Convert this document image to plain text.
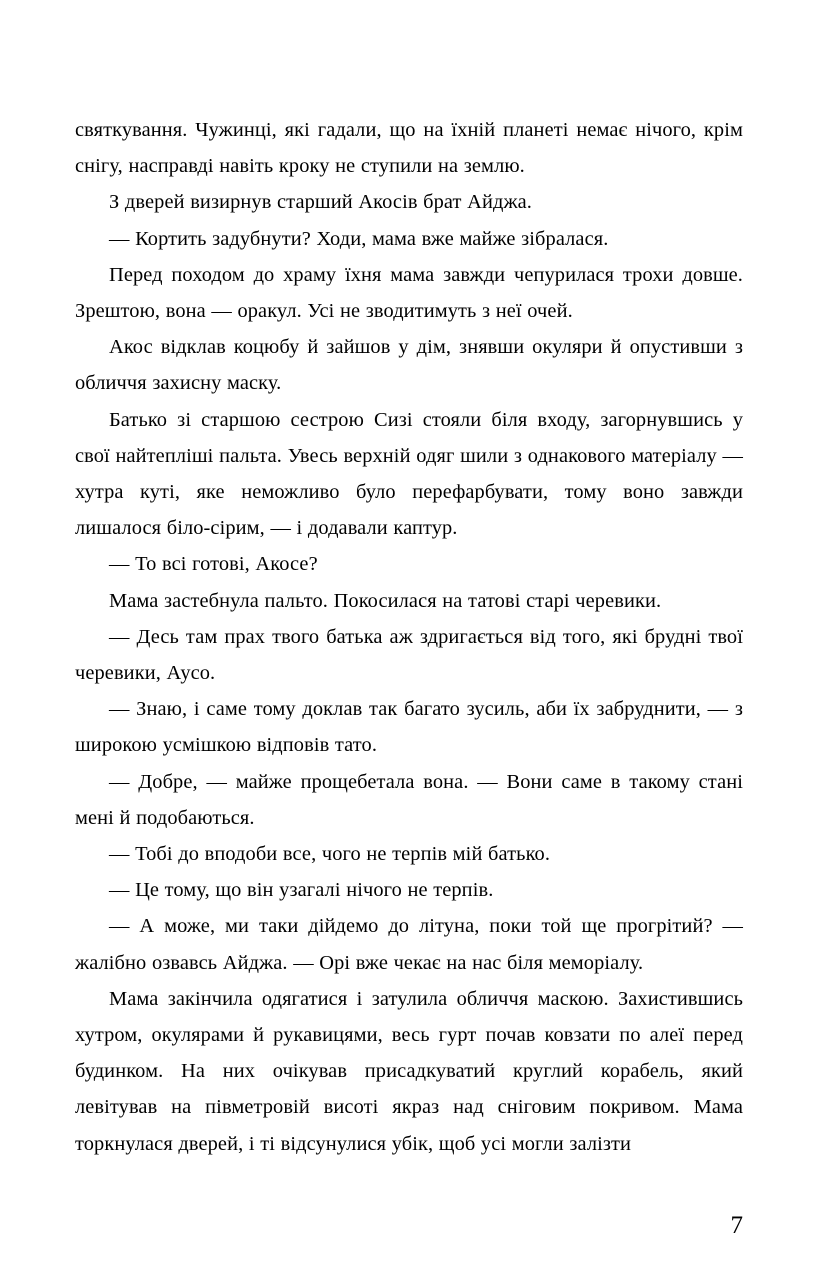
святкування. Чужинці, які гадали, що на їхній планеті немає нічого, крім снігу, насправді навіть кроку не ступили на землю.

З дверей визирнув старший Акосів брат Айджа.

— Кортить задубнути? Ходи, мама вже майже зібралася.

Перед походом до храму їхня мама завжди чепурилася трохи довше. Зрештою, вона — оракул. Усі не зводитимуть з неї очей.

Акос відклав коцюбу й зайшов у дім, знявши окуляри й опустивши з обличчя захисну маску.

Батько зі старшою сестрою Сизі стояли біля входу, загорнувшись у свої найтепліші пальта. Увесь верхній одяг шили з однакового матеріалу — хутра куті, яке неможливо було перефарбувати, тому воно завжди лишалося біло-сірим, — і додавали каптур.

— То всі готові, Акосе?

Мама застебнула пальто. Покосилася на татові старі черевики.

— Десь там прах твого батька аж здригається від того, які брудні твої черевики, Аусо.

— Знаю, і саме тому доклав так багато зусиль, аби їх забруднити, — з широкою усмішкою відповів тато.

— Добре, — майже прощебетала вона. — Вони саме в такому стані мені й подобаються.

— Тобі до вподоби все, чого не терпів мій батько.

— Це тому, що він узагалі нічого не терпів.

— А може, ми таки дійдемо до літуна, поки той ще прогрітий? — жалібно озвавсь Айджа. — Орі вже чекає на нас біля меморіалу.

Мама закінчила одягатися і затулила обличчя маскою. Захистившись хутром, окулярами й рукавицями, весь гурт почав ковзати по алеї перед будинком. На них очікував присадкуватий круглий корабель, який левітував на півметровій висоті якраз над сніговим покривом. Мама торкнулася дверей, і ті відсунулися убік, щоб усі могли залізти

7
